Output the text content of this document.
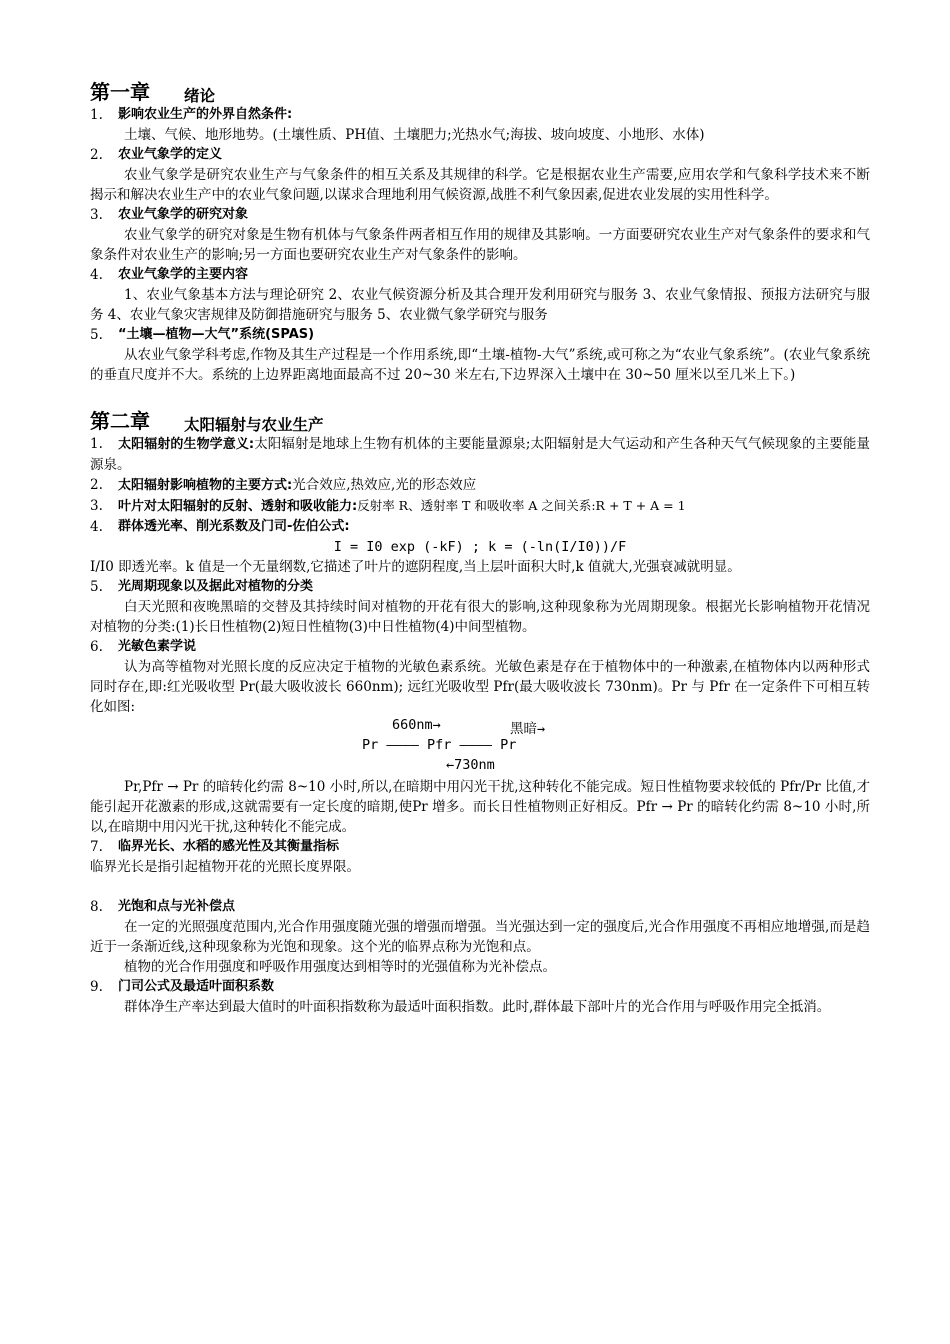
第一章 绪论
1.	影响农业生产的外界自然条件:

土壤、气候、地形地势。(土壤性质、PH值、土壤肥力;光热水气;海拔、坡向坡度、小地形、水体)

2.	农业气象学的定义

农业气象学是研究农业生产与气象条件的相互关系及其规律的科学。它是根据农业生产需要,应用农学和气象科学技术来不断揭示和解决农业生产中的农业气象问题,以谋求合理地利用气候资源,战胜不利气象因素,促进农业发展的实用性科学。

3.	农业气象学的研究对象

农业气象学的研究对象是生物有机体与气象条件两者相互作用的规律及其影响。一方面要研究农业生产对气象条件的要求和气象条件对农业生产的影响;另一方面也要研究农业生产对气象条件的影响。

4.	农业气象学的主要内容

1、农业气象基本方法与理论研究 2、农业气候资源分析及其合理开发利用研究与服务 3、农业气象情报、预报方法研究与服务 4、农业气象灾害规律及防御措施研究与服务 5、农业微气象学研究与服务

5.	“土壤—植物—大气”系统(SPAS)

从农业气象学科考虑,作物及其生产过程是一个作用系统,即“土壤-植物-大气”系统,或可称之为“农业气象系统”。(农业气象系统的垂直尺度并不大。系统的上边界距离地面最高不过 20~30 米左右,下边界深入土壤中在 30~50 厘米以至几米上下。)

第二章 太阳辐射与农业生产

1. 太阳辐射的生物学意义:太阳辐射是地球上生物有机体的主要能量源泉;太阳辐射是大气运动和产生各种天气气候现象的主要能量源泉。

2. 太阳辐射影响植物的主要方式:光合效应,热效应,光的形态效应

3. 叶片对太阳辐射的反射、透射和吸收能力:反射率 R、透射率 T 和吸收率 A 之间关系:R + T + A = 1

4.	群体透光率、削光系数及门司-佐伯公式:
I = I0 exp (-kF) ; k = (-ln(I/I0))/F

I/I0 即透光率。k 值是一个无量纲数,它描述了叶片的遮阴程度,当上层叶面积大时,k 值就大,光强衰减就明显。

5.	光周期现象以及据此对植物的分类

白天光照和夜晚黑暗的交替及其持续时间对植物的开花有很大的影响,这种现象称为光周期现象。根据光长影响植物开花情况对植物的分类:(1)长日性植物(2)短日性植物(3)中日性植物(4)中间型植物。

6.	光敏色素学说

认为高等植物对光照长度的反应决定于植物的光敏色素系统。光敏色素是存在于植物体中的一种激素,在植物体内以两种形式同时存在,即:红光吸收型 Pr(最大吸收波长 660nm); 远红光吸收型 Pfr(最大吸收波长 730nm)。Pr 与 Pfr 在一定条件下可相互转化如图:

660nm→	黑暗→
Pr ———— Pfr ———— Pr
←730nm

Pr,Pfr → Pr 的暗转化约需 8~10 小时,所以,在暗期中用闪光干扰,这种转化不能完成。短日性植物要求较低的 Pfr/Pr 比值,才能引起开花激素的形成,这就需要有一定长度的暗期,使Pr 增多。而长日性植物则正好相反。Pfr → Pr 的暗转化约需 8~10 小时,所以,在暗期中用闪光干扰,这种转化不能完成。

7.	临界光长、水稻的感光性及其衡量指标

临界光长是指引起植物开花的光照长度界限。

8.	光饱和点与光补偿点

在一定的光照强度范围内,光合作用强度随光强的增强而增强。当光强达到一定的强度后,光合作用强度不再相应地增强,而是趋近于一条渐近线,这种现象称为光饱和现象。这个光的临界点称为光饱和点。

植物的光合作用强度和呼吸作用强度达到相等时的光强值称为光补偿点。

9.	门司公式及最适叶面积系数

群体净生产率达到最大值时的叶面积指数称为最适叶面积指数。此时,群体最下部叶片的光合作用与呼吸作用完全抵消。
